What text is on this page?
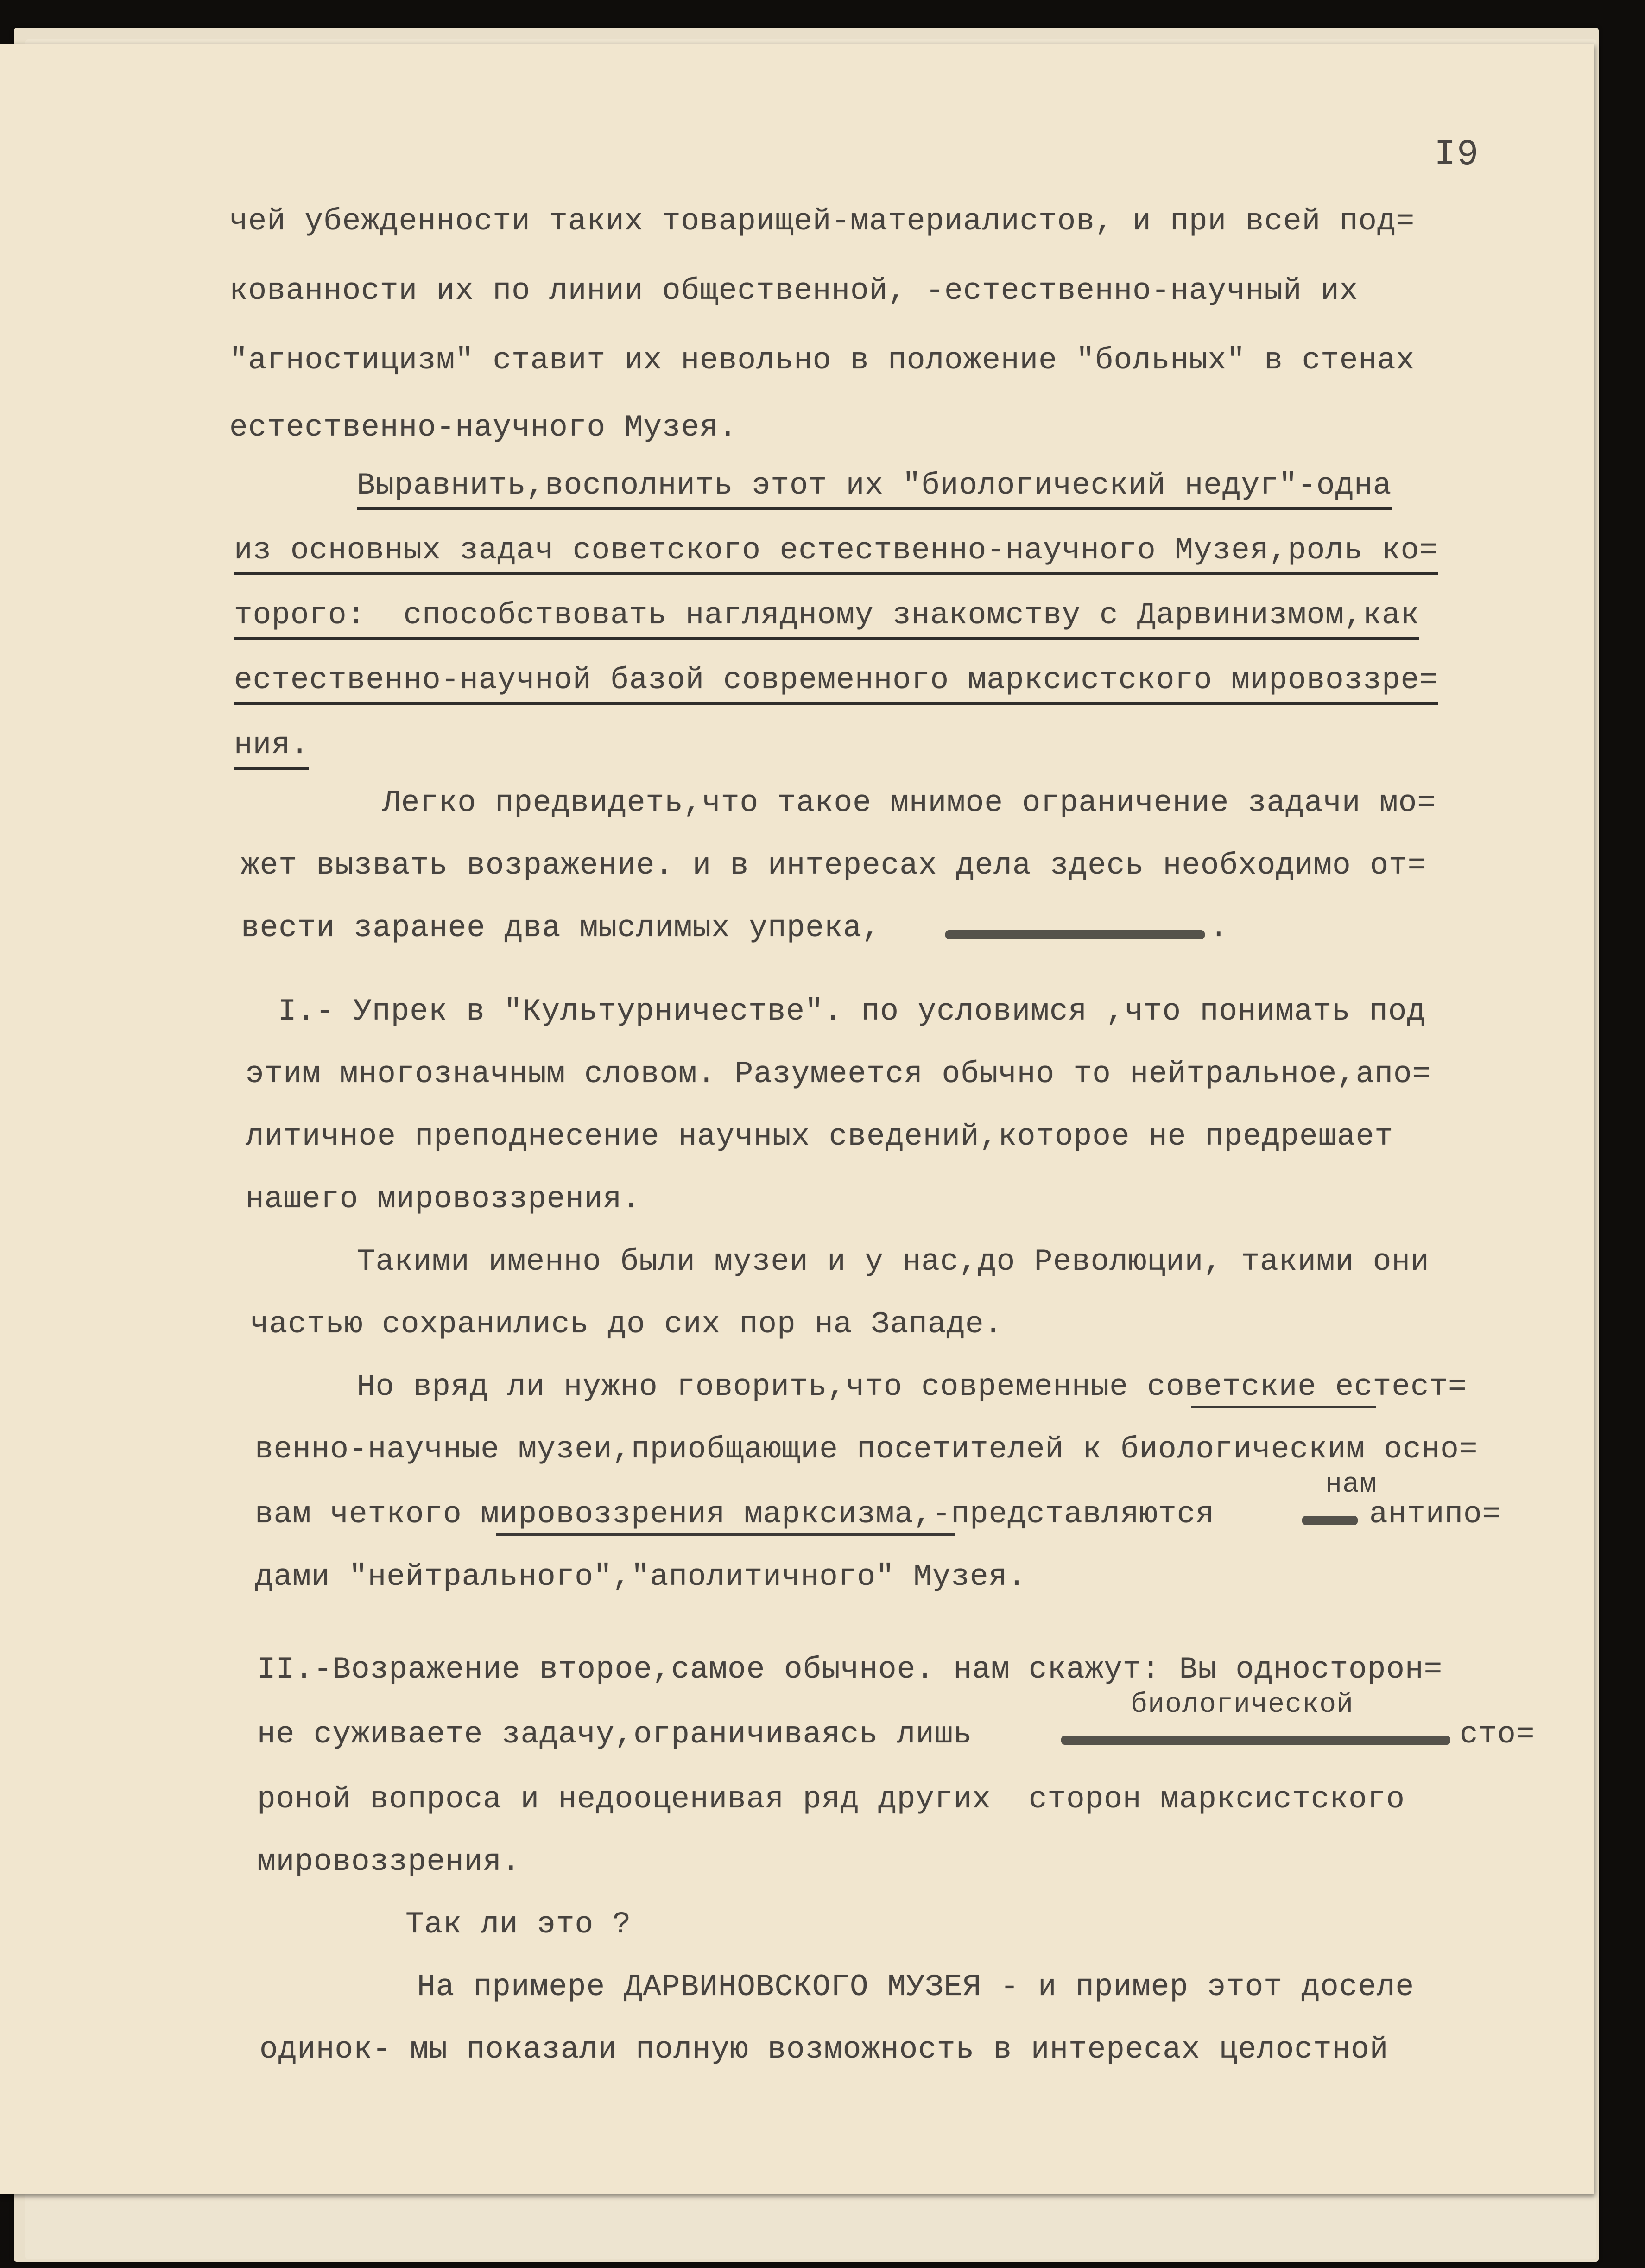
I9
чей убежденности таких товарищей-материалистов, и при всей под=
кованности их по линии общественной, -естественно-научный их
"агностицизм" ставит их невольно в положение "больных" в стенах
естественно-научного Музея.
Выравнить,восполнить этот их "биологический недуг"-одна
из основных задач советского естественно-научного Музея,роль ко=
торого:  способствовать наглядному знакомству с Дарвинизмом,как
естественно-научной базой современного марксистского мировоззре=
ния.
Легко предвидеть,что такое мнимое ограничение задачи мо=
жет вызвать возражение. и в интересах дела здесь необходимо от=
вести заранее два мыслимых упрека,	.
I.- Упрек в "Культурничестве". по условимся ,что понимать под
этим многозначным словом. Разумеется обычно то нейтральное,апо=
литичное преподнесение научных сведений,которое не предрешает
нашего мировоззрения.
Такими именно были музеи и у нас,до Революции, такими они
частью сохранились до сих пор на Западе.
Но вряд ли нужно говорить,что современные советские естест=
венно-научные музеи,приобщающие посетителей к биологическим осно=
нам
вам четкого мировоззрения марксизма,-представляются	антипо=
дами "нейтрального","аполитичного" Музея.
II.-Возражение второе,самое обычное. нам скажут: Вы односторон=
биологической
не суживаете задачу,ограничиваясь лишь	сто=
роной вопроса и недооценивая ряд других  сторон марксистского
мировоззрения.
Так ли это ?
На примере ДАРВИНОВСКОГО МУЗЕЯ - и пример этот доселе
одинок- мы показали полную возможность в интересах целостной
